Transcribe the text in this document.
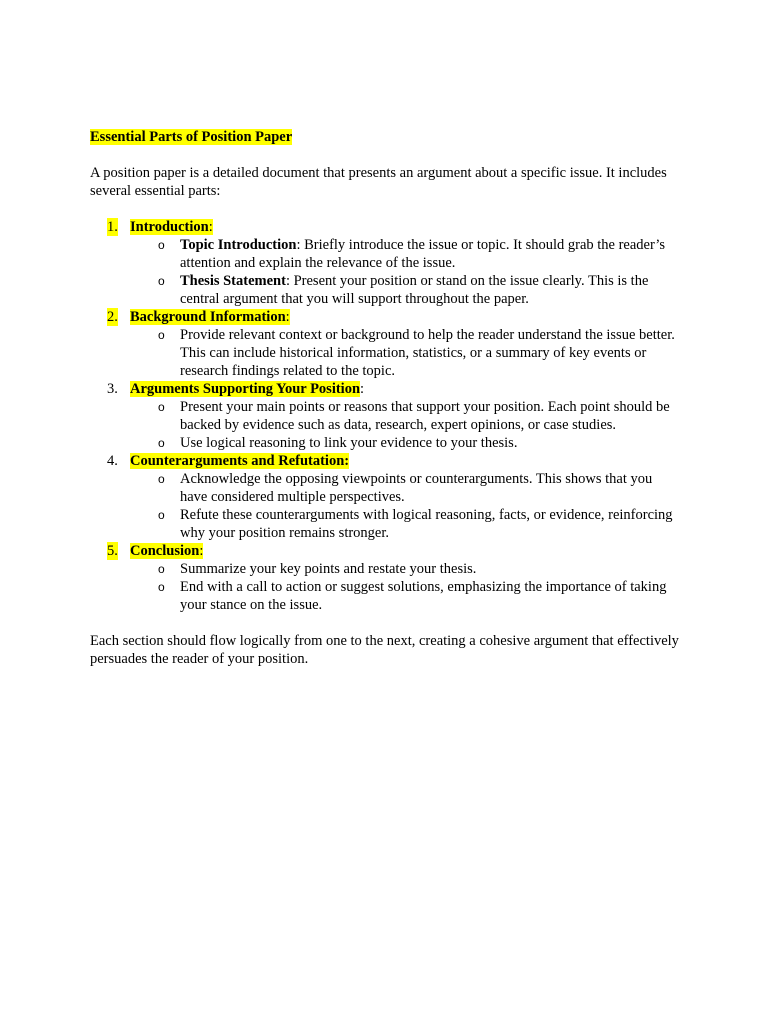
Essential Parts of Position Paper

A position paper is a detailed document that presents an argument about a specific issue. It includes several essential parts:

1. Introduction:
o Topic Introduction: Briefly introduce the issue or topic. It should grab the reader’s attention and explain the relevance of the issue.
o Thesis Statement: Present your position or stand on the issue clearly. This is the central argument that you will support throughout the paper.
2. Background Information:
o Provide relevant context or background to help the reader understand the issue better. This can include historical information, statistics, or a summary of key events or research findings related to the topic.
3. Arguments Supporting Your Position:
o Present your main points or reasons that support your position. Each point should be backed by evidence such as data, research, expert opinions, or case studies.
o Use logical reasoning to link your evidence to your thesis.
4. Counterarguments and Refutation:
o Acknowledge the opposing viewpoints or counterarguments. This shows that you have considered multiple perspectives.
o Refute these counterarguments with logical reasoning, facts, or evidence, reinforcing why your position remains stronger.
5. Conclusion:
o Summarize your key points and restate your thesis.
o End with a call to action or suggest solutions, emphasizing the importance of taking your stance on the issue.

Each section should flow logically from one to the next, creating a cohesive argument that effectively persuades the reader of your position.
